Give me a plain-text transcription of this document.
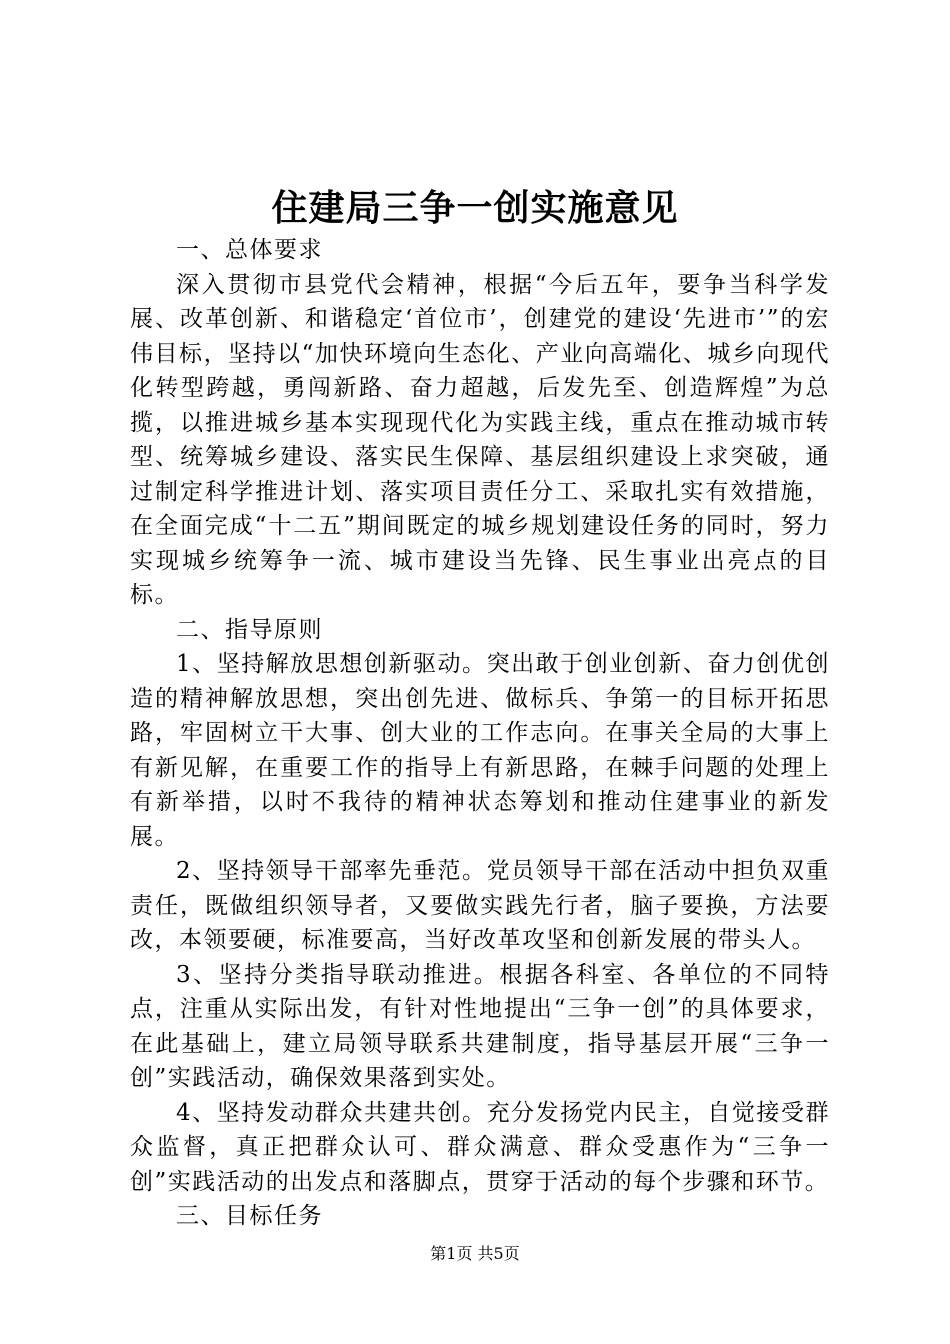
住建局三争一创实施意见

一、总体要求

深入贯彻市县党代会精神，根据“今后五年，要争当科学发展、改革创新、和谐稳定‘首位市’，创建党的建设‘先进市’”的宏伟目标，坚持以“加快环境向生态化、产业向高端化、城乡向现代化转型跨越，勇闯新路、奋力超越，后发先至、创造辉煌”为总揽，以推进城乡基本实现现代化为实践主线，重点在推动城市转型、统筹城乡建设、落实民生保障、基层组织建设上求突破，通过制定科学推进计划、落实项目责任分工、采取扎实有效措施，在全面完成“十二五”期间既定的城乡规划建设任务的同时，努力实现城乡统筹争一流、城市建设当先锋、民生事业出亮点的目标。

二、指导原则

1、坚持解放思想创新驱动。突出敢于创业创新、奋力创优创造的精神解放思想，突出创先进、做标兵、争第一的目标开拓思路，牢固树立干大事、创大业的工作志向。在事关全局的大事上有新见解，在重要工作的指导上有新思路，在棘手问题的处理上有新举措，以时不我待的精神状态筹划和推动住建事业的新发展。

2、坚持领导干部率先垂范。党员领导干部在活动中担负双重责任，既做组织领导者，又要做实践先行者，脑子要换，方法要改，本领要硬，标准要高，当好改革攻坚和创新发展的带头人。

3、坚持分类指导联动推进。根据各科室、各单位的不同特点，注重从实际出发，有针对性地提出“三争一创”的具体要求，在此基础上，建立局领导联系共建制度，指导基层开展“三争一创”实践活动，确保效果落到实处。

4、坚持发动群众共建共创。充分发扬党内民主，自觉接受群众监督，真正把群众认可、群众满意、群众受惠作为“三争一创”实践活动的出发点和落脚点，贯穿于活动的每个步骤和环节。

三、目标任务

第1页 共5页
